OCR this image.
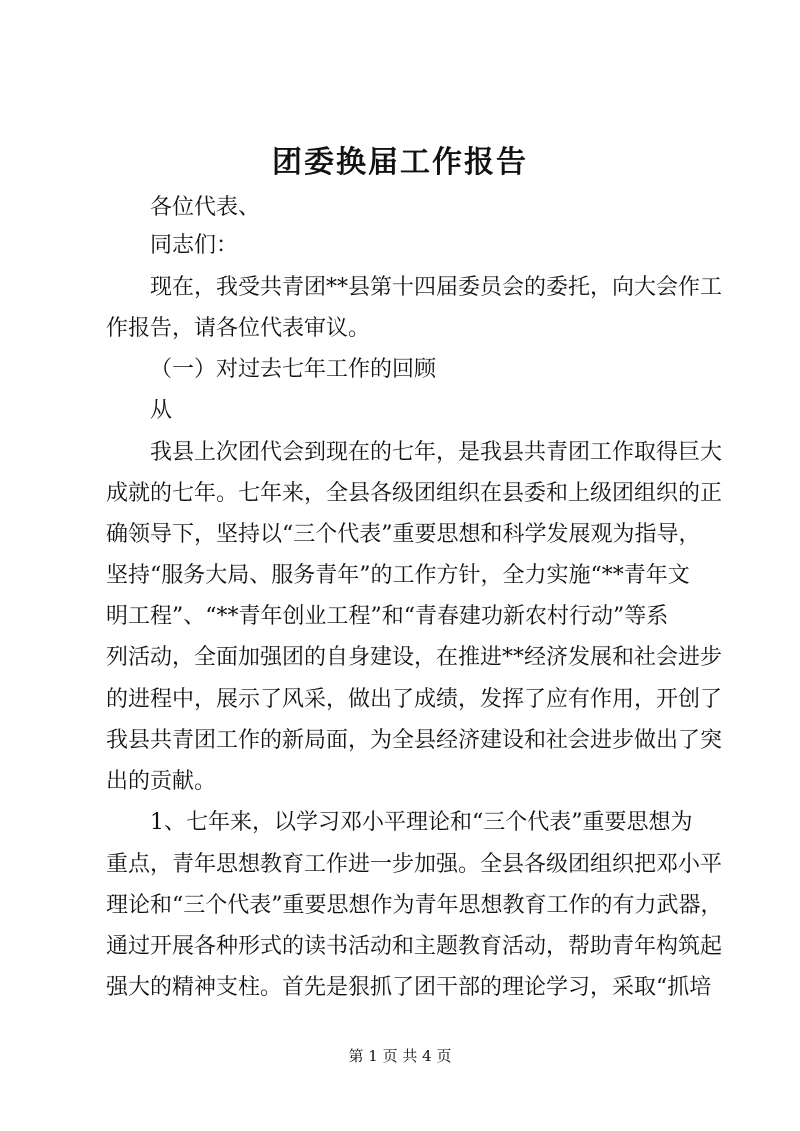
团委换届工作报告
各位代表、
同志们：
现在，我受共青团**县第十四届委员会的委托，向大会作工
作报告，请各位代表审议。
（一）对过去七年工作的回顾
从
我县上次团代会到现在的七年，是我县共青团工作取得巨大
成就的七年。七年来，全县各级团组织在县委和上级团组织的正
确领导下，坚持以“三个代表”重要思想和科学发展观为指导，
坚持“服务大局、服务青年”的工作方针，全力实施“**青年文
明工程”、“**青年创业工程”和“青春建功新农村行动”等系
列活动，全面加强团的自身建设，在推进**经济发展和社会进步
的进程中，展示了风采，做出了成绩，发挥了应有作用，开创了
我县共青团工作的新局面，为全县经济建设和社会进步做出了突
出的贡献。
1、七年来，以学习邓小平理论和“三个代表”重要思想为
重点，青年思想教育工作进一步加强。全县各级团组织把邓小平
理论和“三个代表”重要思想作为青年思想教育工作的有力武器，
通过开展各种形式的读书活动和主题教育活动，帮助青年构筑起
强大的精神支柱。首先是狠抓了团干部的理论学习，采取“抓培
第 1 页 共 4 页
